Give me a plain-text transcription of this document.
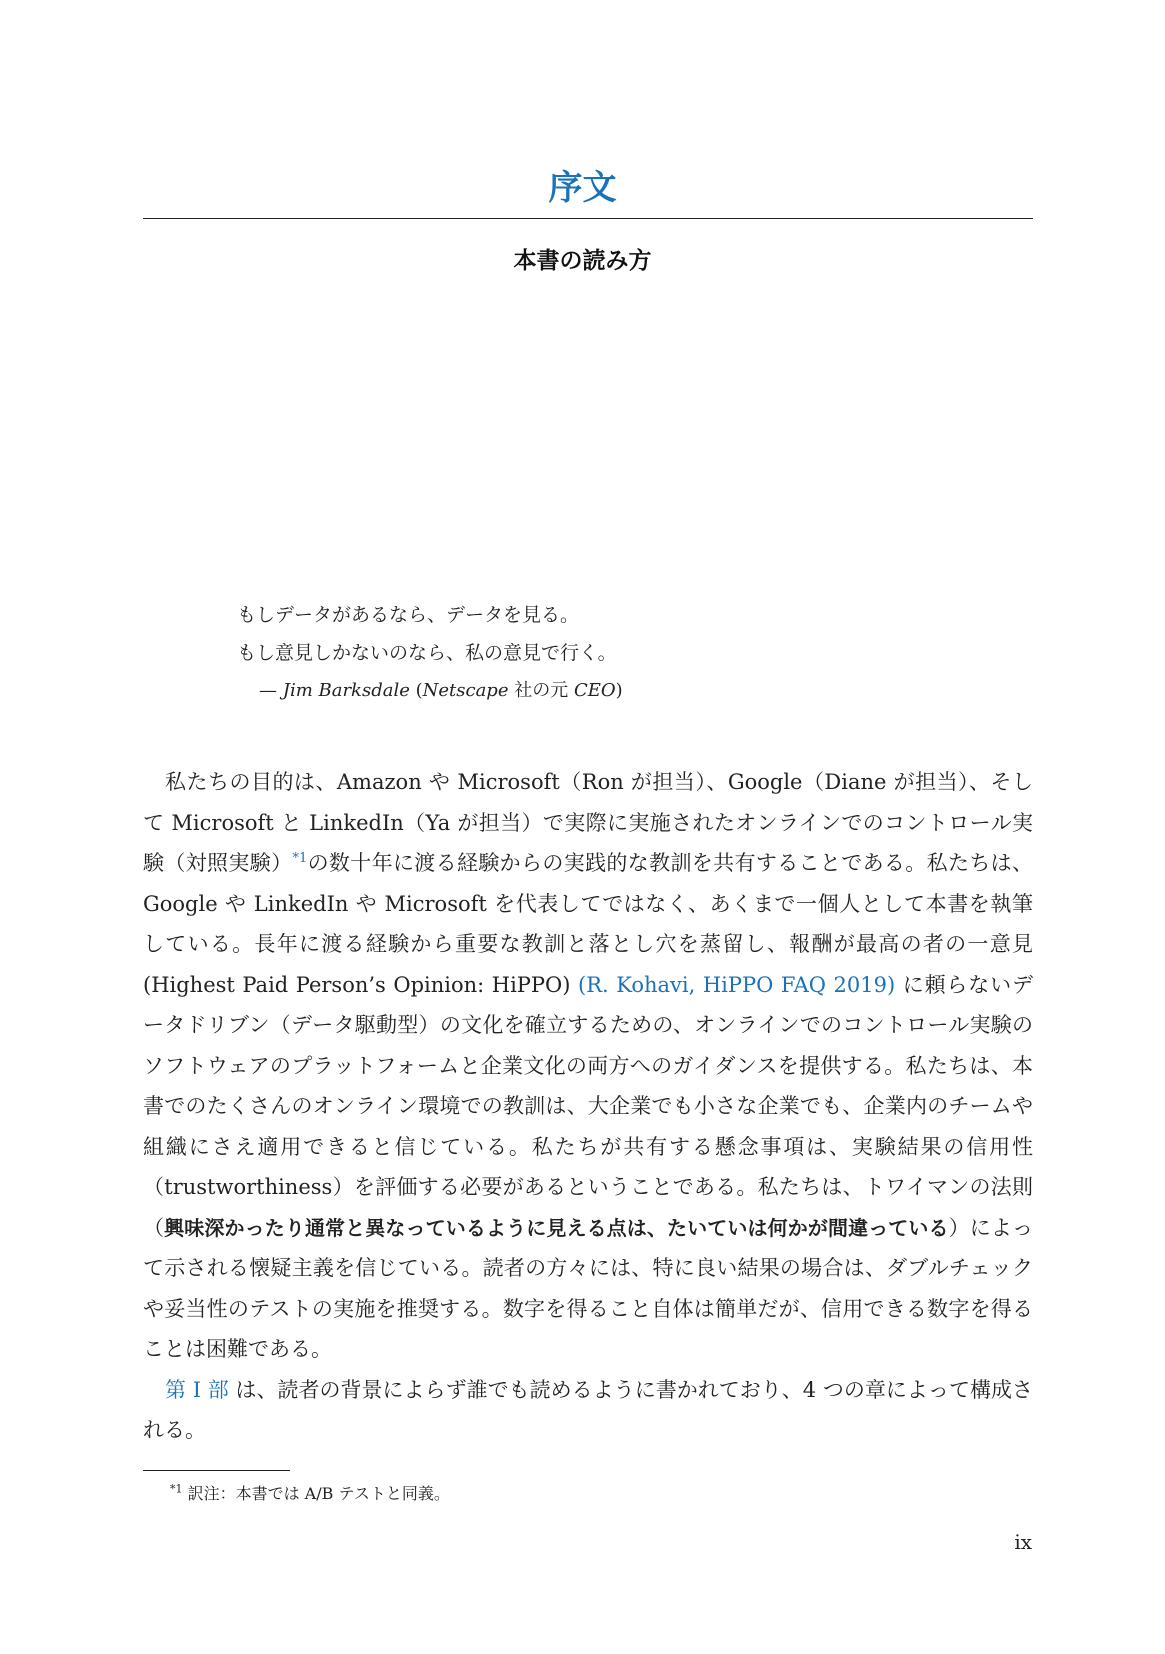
序文
本書の読み方
もしデータがあるなら、データを見る。
もし意見しかないのなら、私の意見で行く。
— Jim Barksdale (Netscape 社の元 CEO)

私たちの目的は、Amazon や Microsoft（Ron が担当）、Google（Diane が担当）、そして Microsoft と LinkedIn（Ya が担当）で実際に実施されたオンラインでのコントロール実験（対照実験）$^{*1}$の数十年に渡る経験からの実践的な教訓を共有することである。私たちは、Google や LinkedIn や Microsoft を代表してではなく、あくまで一個人として本書を執筆している。長年に渡る経験から重要な教訓と落とし穴を蒸留し、報酬が最高の者の一意見 (Highest Paid Person’s Opinion: HiPPO) (R. Kohavi, HiPPO FAQ 2019) に頼らないデータドリブン（データ駆動型）の文化を確立するための、オンラインでのコントロール実験のソフトウェアのプラットフォームと企業文化の両方へのガイダンスを提供する。私たちは、本書でのたくさんのオンライン環境での教訓は、大企業でも小さな企業でも、企業内のチームや組織にさえ適用できると信じている。私たちが共有する懸念事項は、実験結果の信用性（trustworthiness）を評価する必要があるということである。私たちは、トワイマンの法則（興味深かったり通常と異なっているように見える点は、たいていは何かが間違っている）によって示される懐疑主義を信じている。読者の方々には、特に良い結果の場合は、ダブルチェックや妥当性のテストの実施を推奨する。数字を得ること自体は簡単だが、信用できる数字を得ることは困難である。

第 I 部 は、読者の背景によらず誰でも読めるように書かれており、4 つの章によって構成される。

$^{*1}$ 訳注：本書では A/B テストと同義。
ix
